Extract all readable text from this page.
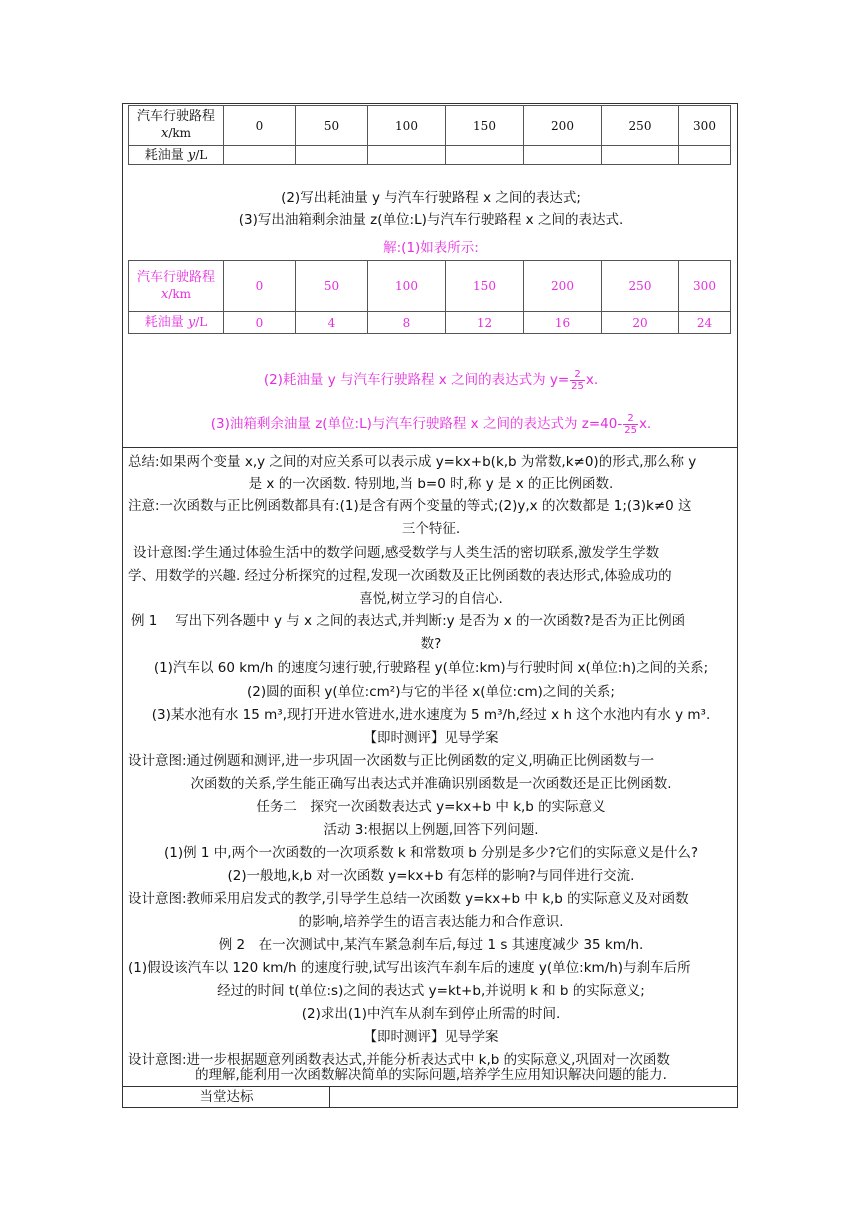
汽车行驶路程
x/km	0	50	100	150	200	250	300
耗油量 y/L							
(2)写出耗油量 y 与汽车行驶路程 x 之间的表达式;
(3)写出油箱剩余油量 z(单位:L)与汽车行驶路程 x 之间的表达式.
解:(1)如表所示:
汽车行驶路程
x/km	0	50	100	150	200	250	300
耗油量 y/L	0	4	8	12	16	20	24
(2)耗油量 y 与汽车行驶路程 x 之间的表达式为 $y= \frac{2}{25} x$.
(3)油箱剩余油量 z(单位:L)与汽车行驶路程 x 之间的表达式为 $z=40- \frac{2}{25} x$.
总结:如果两个变量 x,y 之间的对应关系可以表示成 y=kx+b(k,b 为常数,k≠0)的形式,那么称 y
是 x 的一次函数. 特别地,当 b=0 时,称 y 是 x 的正比例函数.
注意:一次函数与正比例函数都具有:(1)是含有两个变量的等式;(2)y,x 的次数都是 1;(3)k≠0 这
三个特征.
设计意图:学生通过体验生活中的数学问题,感受数学与人类生活的密切联系,激发学生学数
学、用数学的兴趣. 经过分析探究的过程,发现一次函数及正比例函数的表达形式,体验成功的
喜悦,树立学习的自信心.
例 1　 写出下列各题中 y 与 x 之间的表达式,并判断:y 是否为 x 的一次函数?是否为正比例函
数?
(1)汽车以 60 km/h 的速度匀速行驶,行驶路程 y(单位:km)与行驶时间 x(单位:h)之间的关系;
(2)圆的面积 y(单位:cm²)与它的半径 x(单位:cm)之间的关系;
(3)某水池有水 15 m³,现打开进水管进水,进水速度为 5 m³/h,经过 x h 这个水池内有水 y m³.
【即时测评】见导学案
设计意图:通过例题和测评,进一步巩固一次函数与正比例函数的定义,明确正比例函数与一
次函数的关系,学生能正确写出表达式并准确识别函数是一次函数还是正比例函数.
任务二　探究一次函数表达式 y=kx+b 中 k,b 的实际意义
活动 3:根据以上例题,回答下列问题.
(1)例 1 中,两个一次函数的一次项系数 k 和常数项 b 分别是多少?它们的实际意义是什么?
(2)一般地,k,b 对一次函数 y=kx+b 有怎样的影响?与同伴进行交流.
设计意图:教师采用启发式的教学,引导学生总结一次函数 y=kx+b 中 k,b 的实际意义及对函数
的影响,培养学生的语言表达能力和合作意识.
例 2　在一次测试中,某汽车紧急刹车后,每过 1 s 其速度减少 35 km/h.
(1)假设该汽车以 120 km/h 的速度行驶,试写出该汽车刹车后的速度 y(单位:km/h)与刹车后所
经过的时间 t(单位:s)之间的表达式 y=kt+b,并说明 k 和 b 的实际意义;
(2)求出(1)中汽车从刹车到停止所需的时间.
【即时测评】见导学案
设计意图:进一步根据题意列函数表达式,并能分析表达式中 k,b 的实际意义,巩固对一次函数
的理解,能利用一次函数解决简单的实际问题,培养学生应用知识解决问题的能力.
当堂达标
